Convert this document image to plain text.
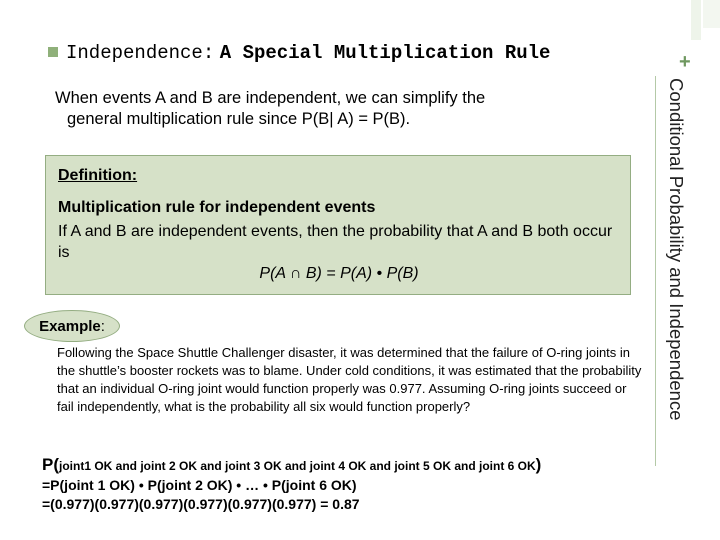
Independence: A Special Multiplication Rule	+
Conditional Probability and Independence
When events A and B are independent, we can simplify the
general multiplication rule since P(B| A) = P(B).
Definition:
Multiplication rule for independent events
If A and B are independent events, then the probability that A and B both occur is
P(A ∩ B) = P(A) • P(B)
Example :
Following the Space Shuttle Challenger disaster, it was determined that the failure of O-ring joints in the shuttle’s booster rockets was to blame. Under cold conditions, it was estimated that the probability that an individual O-ring joint would function properly was 0.977. Assuming O-ring joints succeed or fail independently, what is the probability all six would function properly?
P(joint1 OK and joint 2 OK and joint 3 OK and joint 4 OK and joint 5 OK and joint 6 OK)
=P(joint 1 OK) • P(joint 2 OK) • … • P(joint 6 OK)
=(0.977)(0.977)(0.977)(0.977)(0.977)(0.977) = 0.87
